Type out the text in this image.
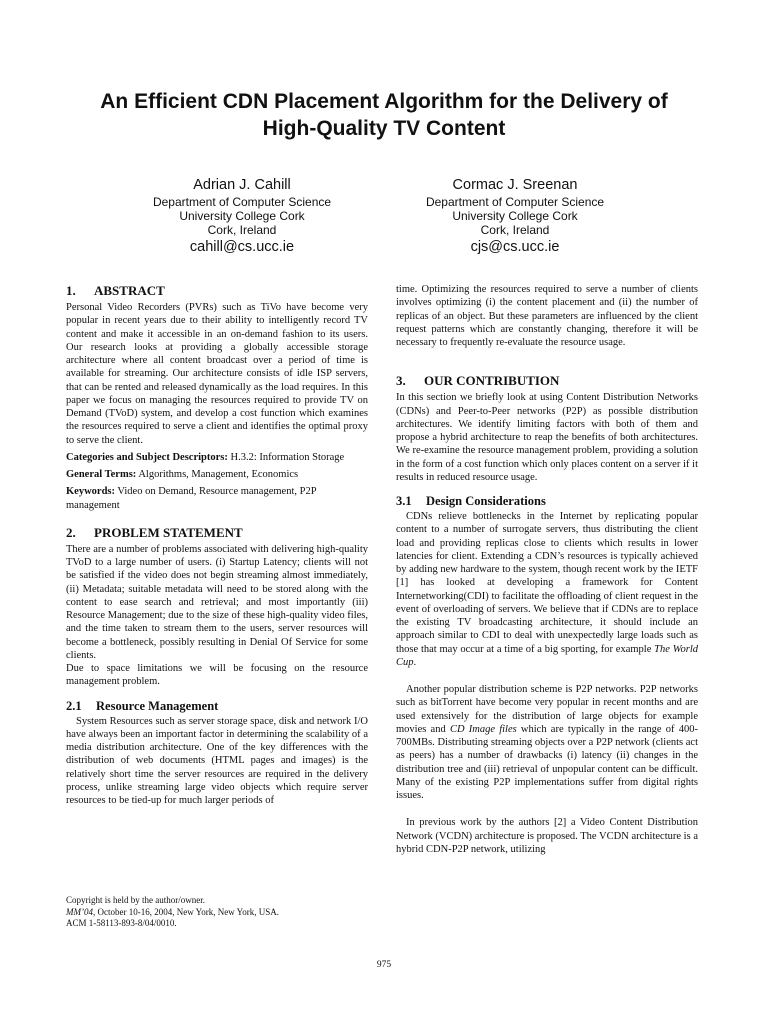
An Efficient CDN Placement Algorithm for the Delivery of
High-Quality TV Content
Adrian J. Cahill
Department of Computer Science
University College Cork
Cork, Ireland
cahill@cs.ucc.ie
Cormac J. Sreenan
Department of Computer Science
University College Cork
Cork, Ireland
cjs@cs.ucc.ie
1. ABSTRACT

Personal Video Recorders (PVRs) such as TiVo have become very popular in recent years due to their ability to intelligently record TV content and make it accessible in an on-demand fashion to its users. Our research looks at providing a globally accessible storage architecture where all content broadcast over a period of time is available for streaming. Our architecture consists of idle ISP servers, that can be rented and released dynamically as the load requires. In this paper we focus on managing the resources required to provide TV on Demand (TVoD) system, and develop a cost function which examines the resources required to serve a client and identifies the optimal proxy to serve the client.

Categories and Subject Descriptors: H.3.2: Information Storage

General Terms: Algorithms, Management, Economics

Keywords: Video on Demand, Resource management, P2P management

2. PROBLEM STATEMENT

There are a number of problems associated with delivering high-quality TVoD to a large number of users. (i) Startup Latency; clients will not be satisfied if the video does not begin streaming almost immediately, (ii) Metadata; suitable metadata will need to be stored along with the content to ease search and retrieval; and most importantly (iii) Resource Management; due to the size of these high-quality video files, and the time taken to stream them to the users, server resources will become a bottleneck, possibly resulting in Denial Of Service for some clients.

Due to space limitations we will be focusing on the resource management problem.

2.1 Resource Management

System Resources such as server storage space, disk and network I/O have always been an important factor in determining the scalability of a media distribution architecture. One of the key differences with the distribution of web documents (HTML pages and images) is the relatively short time the server resources are required in the delivery process, unlike streaming large video objects which require server resources to be tied-up for much larger periods of

time. Optimizing the resources required to serve a number of clients involves optimizing (i) the content placement and (ii) the number of replicas of an object. But these parameters are influenced by the client request patterns which are constantly changing, therefore it will be necessary to frequently re-evaluate the resource usage.

3. OUR CONTRIBUTION

In this section we briefly look at using Content Distribution Networks (CDNs) and Peer-to-Peer networks (P2P) as possible distribution architectures. We identify limiting factors with both of them and propose a hybrid architecture to reap the benefits of both architectures. We re-examine the resource management problem, providing a solution in the form of a cost function which only places content on a server if it results in reduced resource usage.

3.1 Design Considerations

CDNs relieve bottlenecks in the Internet by replicating popular content to a number of surrogate servers, thus distributing the client load and providing replicas close to clients which results in lower latencies for client. Extending a CDN’s resources is typically achieved by adding new hardware to the system, though recent work by the IETF [1] has looked at developing a framework for Content Internetworking(CDI) to facilitate the offloading of client request in the event of overloading of servers. We believe that if CDNs are to replace the existing TV broadcasting architecture, it should include an approach similar to CDI to deal with unexpectedly large loads such as those that may occur at a time of a big sporting, for example The World Cup.

Another popular distribution scheme is P2P networks. P2P networks such as bitTorrent have become very popular in recent months and are used extensively for the distribution of large objects for example movies and CD Image files which are typically in the range of 400-700MBs. Distributing streaming objects over a P2P network (clients act as peers) has a number of drawbacks (i) latency (ii) changes in the distribution tree and (iii) retrieval of unpopular content can be difficult. Many of the existing P2P implementations suffer from digital rights issues.

In previous work by the authors [2] a Video Content Distribution Network (VCDN) architecture is proposed. The VCDN architecture is a hybrid CDN-P2P network, utilizing

Copyright is held by the author/owner.
MM’04, October 10-16, 2004, New York, New York, USA.
ACM 1-58113-893-8/04/0010.
975
